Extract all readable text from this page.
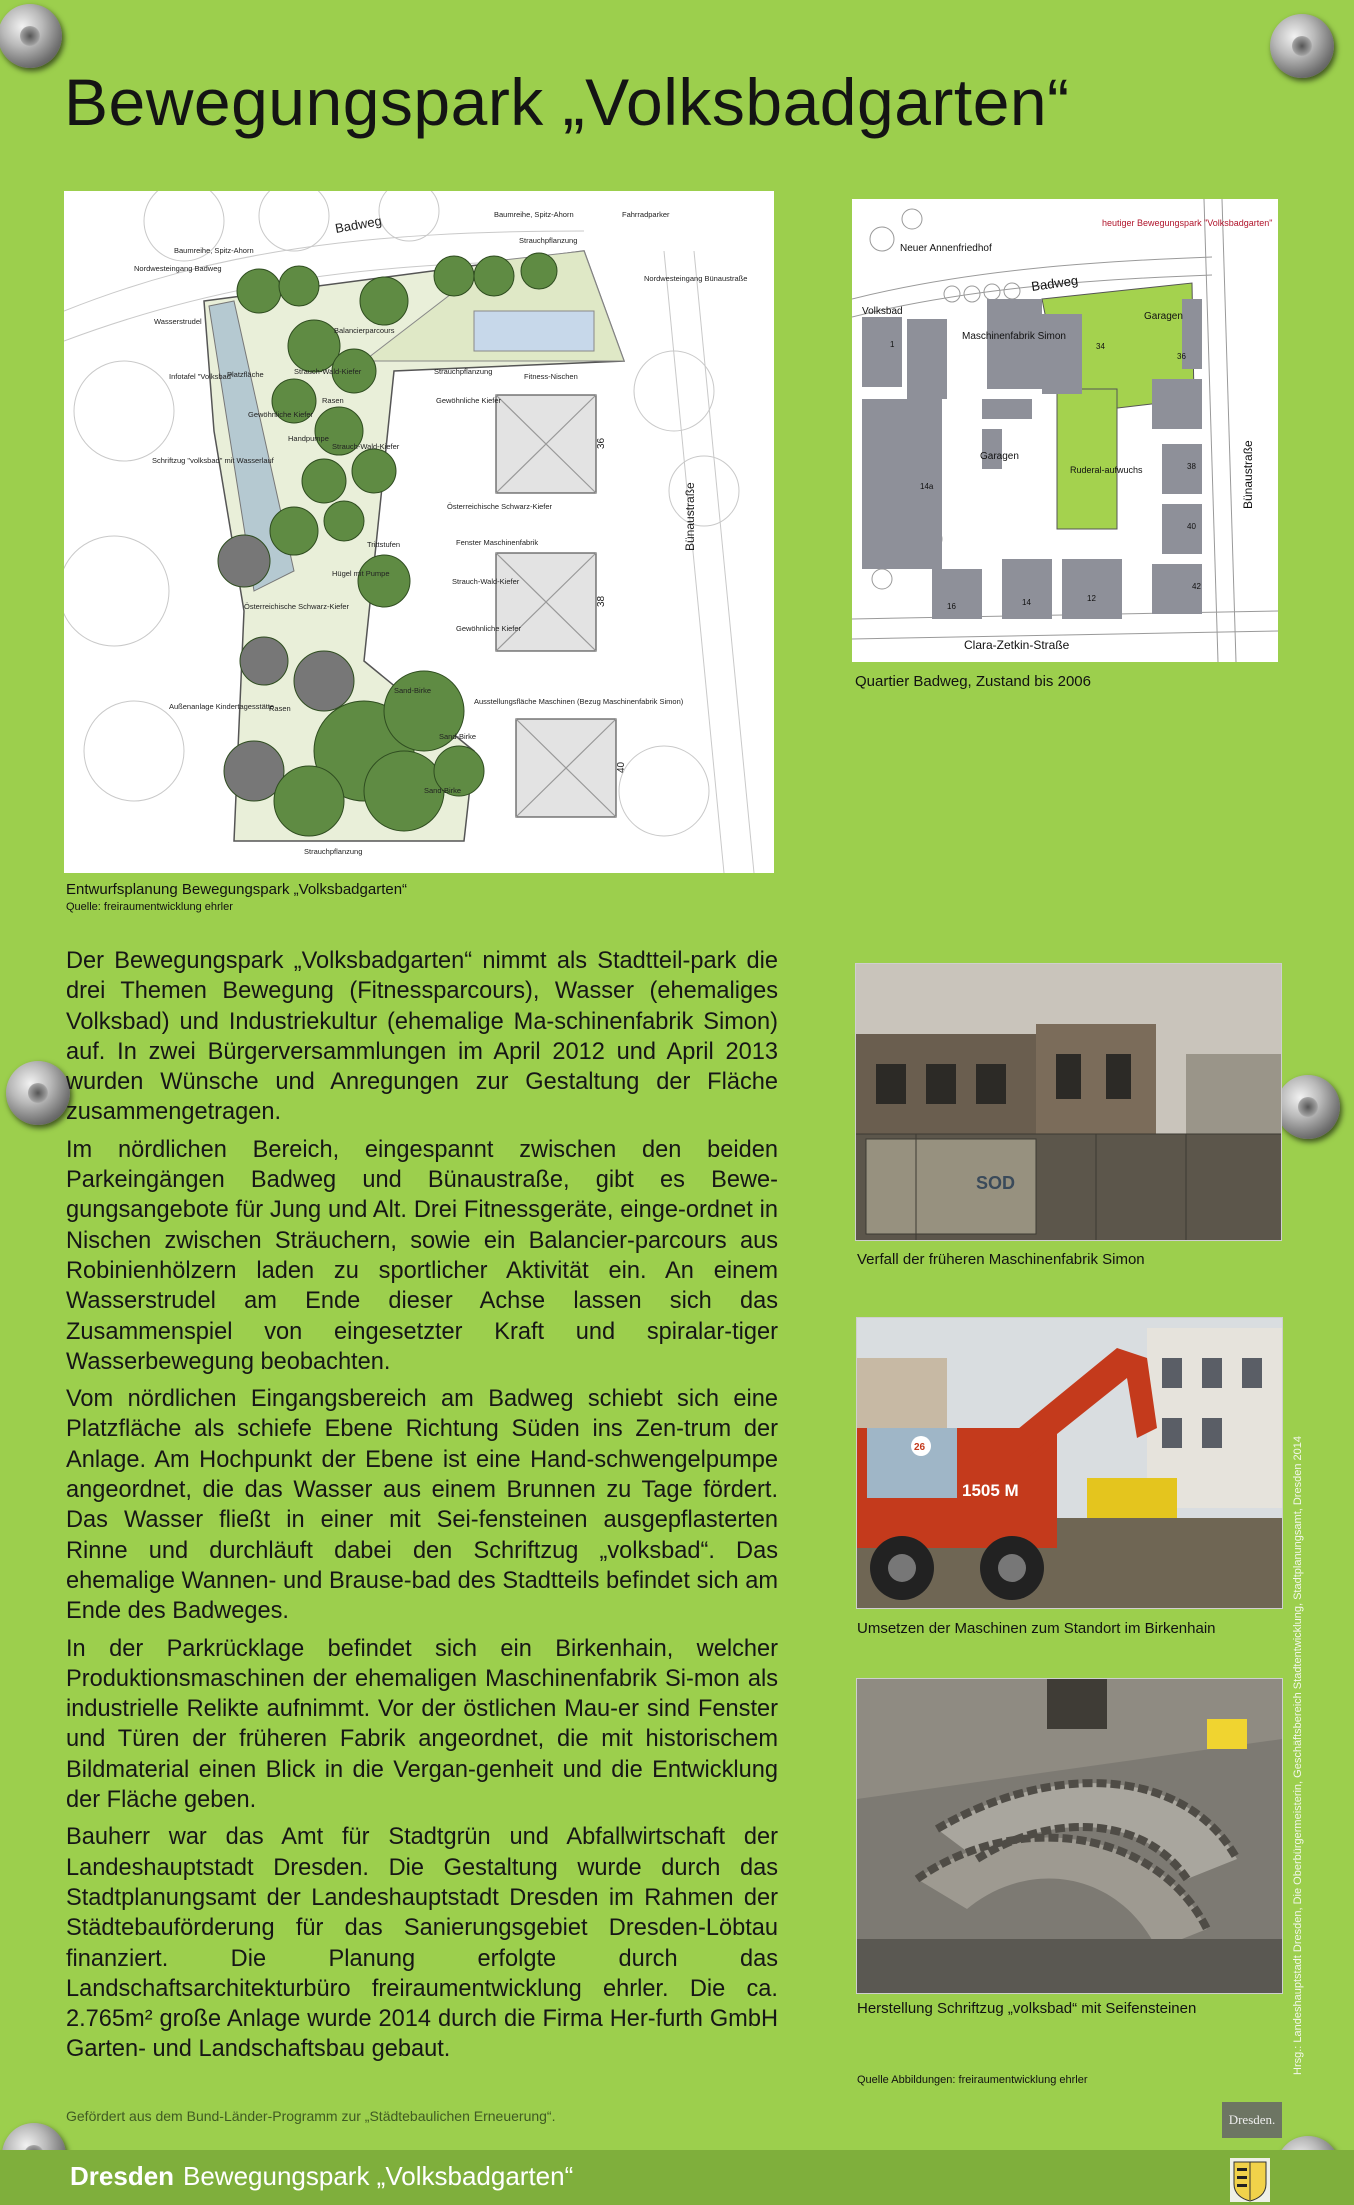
Bewegungspark „Volksbadgarten“
Badweg
Baumreihe, Spitz-Ahorn
Baumreihe, Spitz-Ahorn	Fahrradparker
Strauchpflanzung
Strauchpflanzung
Strauchpflanzung
Nordwesteingang Badweg
Nordwesteingang Bünaustraße
Wasserstrudel
Balancierparcours
Infotafel "Volksbad"
Platzfläche	Strauch-Wald-Kiefer
Strauch-Wald-Kiefer
Strauch-Wald-Kiefer
Rasen
Rasen
Fitness-Nischen
Gewöhnliche Kiefer
Gewöhnliche Kiefer
Gewöhnliche Kiefer
Handpumpe
Schriftzug "volksbad" mit Wasserlauf
Österreichische Schwarz-Kiefer
Österreichische Schwarz-Kiefer
Trittstufen	Fenster Maschinenfabrik
Hügel mit Pumpe
Außenanlage Kindertagesstätte
Ausstellungsfläche Maschinen (Bezug Maschinenfabrik Simon)
Sand-Birke
Sand-Birke
Sand-Birke
Bünaustraße
36
38
40
Entwurfsplanung Bewegungspark „Volksbadgarten“
Quelle: freiraumentwicklung ehrler
Neuer Annenfriedhof
heutiger Bewegungspark "Volksbadgarten"
Volksbad
Badweg
Garagen
Garagen
Maschinenfabrik Simon
Ruderal-aufwuchs	Bünaustraße
Clara-Zetkin-Straße
1
14a
34
36
38
40
42
16	14	12
Quartier Badweg, Zustand bis 2006

Der Bewegungspark „Volksbadgarten“ nimmt als Stadtteil-park die drei Themen Bewegung (Fitnessparcours), Wasser (ehemaliges Volksbad) und Industriekultur (ehemalige Ma-schinenfabrik Simon) auf. In zwei Bürgerversammlungen im April 2012 und April 2013 wurden Wünsche und Anregungen zur Gestaltung der Fläche zusammengetragen.

Im nördlichen Bereich, eingespannt zwischen den beiden Parkeingängen Badweg und Bünaustraße, gibt es Bewe-gungsangebote für Jung und Alt. Drei Fitnessgeräte, einge-ordnet in Nischen zwischen Sträuchern, sowie ein Balancier-parcours aus Robinienhölzern laden zu sportlicher Aktivität ein. An einem Wasserstrudel am Ende dieser Achse lassen sich das Zusammenspiel von eingesetzter Kraft und spiralar-tiger Wasserbewegung beobachten.

Vom nördlichen Eingangsbereich am Badweg schiebt sich eine Platzfläche als schiefe Ebene Richtung Süden ins Zen-trum der Anlage. Am Hochpunkt der Ebene ist eine Hand-schwengelpumpe angeordnet, die das Wasser aus einem Brunnen zu Tage fördert. Das Wasser fließt in einer mit Sei-fensteinen ausgepflasterten Rinne und durchläuft dabei den Schriftzug „volksbad“. Das ehemalige Wannen- und Brause-bad des Stadtteils befindet sich am Ende des Badweges.

In der Parkrücklage befindet sich ein Birkenhain, welcher Produktionsmaschinen der ehemaligen Maschinenfabrik Si-mon als industrielle Relikte aufnimmt. Vor der östlichen Mau-er sind Fenster und Türen der früheren Fabrik angeordnet, die mit historischem Bildmaterial einen Blick in die Vergan-genheit und die Entwicklung der Fläche geben.

Bauherr war das Amt für Stadtgrün und Abfallwirtschaft der Landeshauptstadt Dresden. Die Gestaltung wurde durch das Stadtplanungsamt der Landeshauptstadt Dresden im Rahmen der Städtebauförderung für das Sanierungsgebiet Dresden-Löbtau finanziert. Die Planung erfolgte durch das Landschaftsarchitekturbüro freiraumentwicklung ehrler. Die ca. 2.765m² große Anlage wurde 2014 durch die Firma Her-furth GmbH Garten- und Landschaftsbau gebaut.

SOD
Verfall der früheren Maschinenfabrik Simon
1505 M
26
Umsetzen der Maschinen zum Standort im Birkenhain
Herstellung Schriftzug „volksbad“ mit Seifensteinen
Quelle Abbildungen: freiraumentwicklung ehrler
Gefördert aus dem Bund-Länder-Programm zur „Städtebaulichen Erneuerung“.
Hrsg.: Landeshauptstadt Dresden, Die Oberbürgermeisterin, Geschäftsbereich Stadtentwicklung, Stadtplanungsamt, Dresden 2014
Dresden.
Dresden Bewegungspark „Volksbadgarten“
